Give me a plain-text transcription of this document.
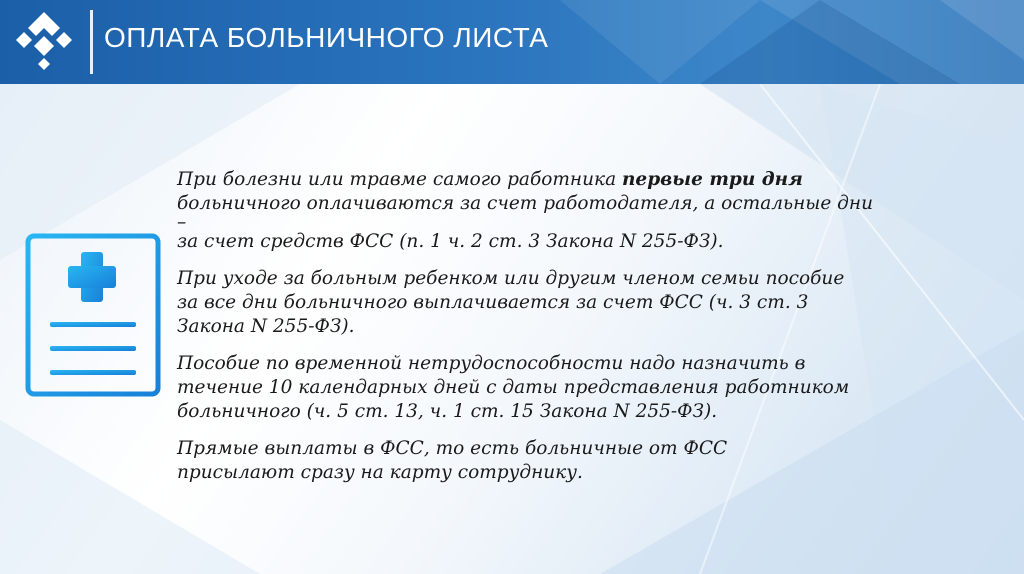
ОПЛАТА БОЛЬНИЧНОГО ЛИСТА
При болезни или травме самого работника первые три дня
больничного оплачиваются за счет работодателя, а остальные дни
–
за счет средств ФСС (п. 1 ч. 2 ст. 3 Закона N 255-ФЗ).
При уходе за больным ребенком или другим членом семьи пособие
за все дни больничного выплачивается за счет ФСС (ч. 3 ст. 3
Закона N 255-ФЗ).
Пособие по временной нетрудоспособности надо назначить в
течение 10 календарных дней с даты представления работником
больничного (ч. 5 ст. 13, ч. 1 ст. 15 Закона N 255-ФЗ).
Прямые выплаты в ФСС, то есть больничные от ФСС
присылают сразу на карту сотруднику.
